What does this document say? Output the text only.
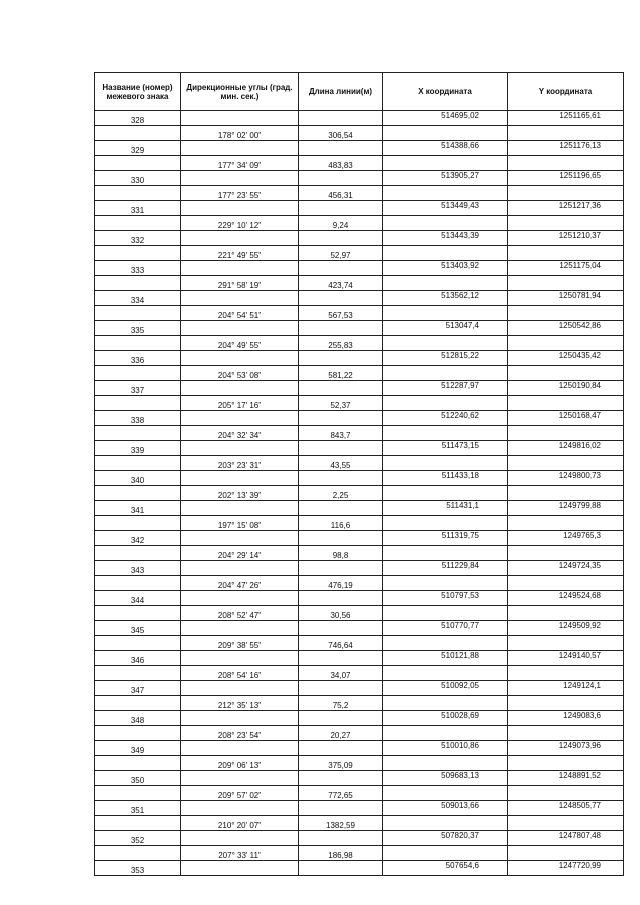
Название (номер) межевого знака	Дирекционные углы (град. мин. сек.)	Длина линии(м)	X координата	Y координата
328			514695,02	1251165,61
	178° 02' 00"	306,54		
329			514388,66	1251176,13
	177° 34' 09"	483,83		
330			513905,27	1251196,65
	177° 23' 55"	456,31		
331			513449,43	1251217,36
	229° 10' 12"	9,24		
332			513443,39	1251210,37
	221° 49' 55"	52,97		
333			513403,92	1251175,04
	291° 58' 19"	423,74		
334			513562,12	1250781,94
	204° 54' 51"	567,53		
335			513047,4	1250542,86
	204° 49' 55"	255,83		
336			512815,22	1250435,42
	204° 53' 08"	581,22		
337			512287,97	1250190,84
	205° 17' 16"	52,37		
338			512240,62	1250168,47
	204° 32' 34"	843,7		
339			511473,15	1249816,02
	203° 23' 31"	43,55		
340			511433,18	1249800,73
	202° 13' 39"	2,25		
341			511431,1	1249799,88
	197° 15' 08"	116,6		
342			511319,75	1249765,3
	204° 29' 14"	98,8		
343			511229,84	1249724,35
	204° 47' 26"	476,19		
344			510797,53	1249524,68
	208° 52' 47"	30,56		
345			510770,77	1249509,92
	209° 38' 55"	746,64		
346			510121,88	1249140,57
	208° 54' 16"	34,07		
347			510092,05	1249124,1
	212° 35' 13"	75,2		
348			510028,69	1249083,6
	208° 23' 54"	20,27		
349			510010,86	1249073,96
	209° 06' 13"	375,09		
350			509683,13	1248891,52
	209° 57' 02"	772,65		
351			509013,66	1248505,77
	210° 20' 07"	1382,59		
352			507820,37	1247807,48
	207° 33' 11"	186,98		
353			507654,6	1247720,99
